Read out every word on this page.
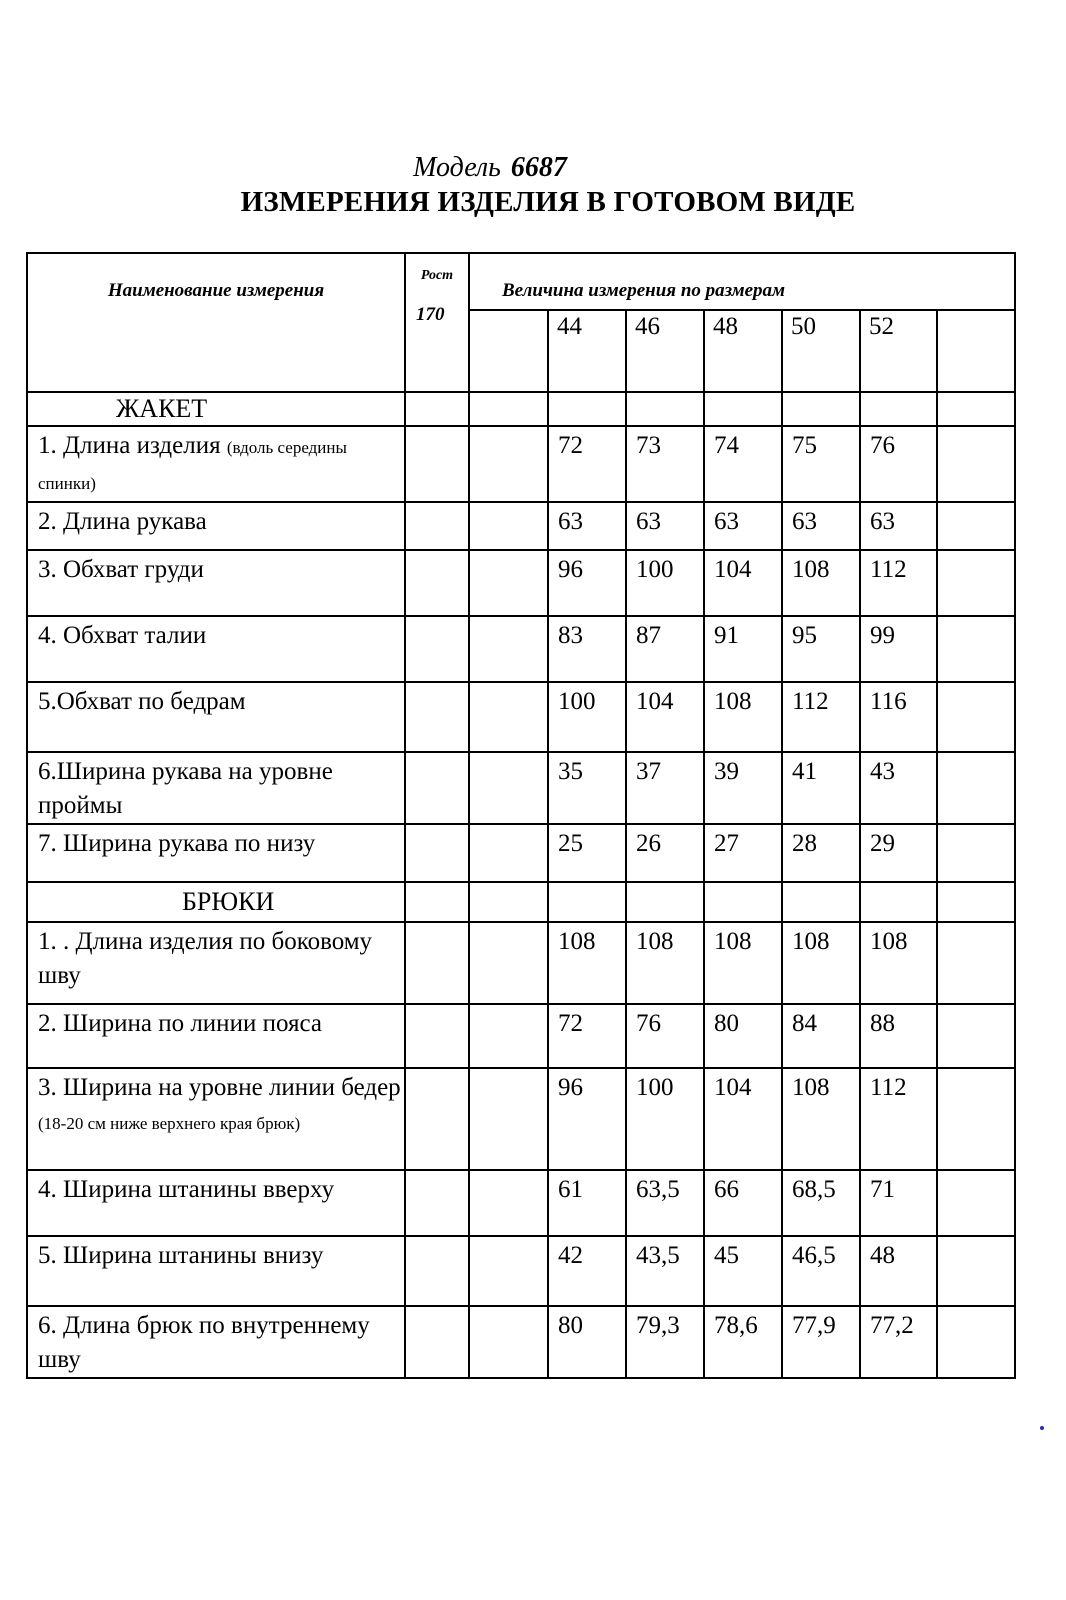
Модель 6687
ИЗМЕРЕНИЯ ИЗДЕЛИЯ В ГОТОВОМ ВИДЕ
Наименование измерения	Рост
170	Величина измерения по размерам						
			44	46	48	50	52	
ЖАКЕТ								
1. Длина изделия (вдоль середины спинки)			72	73	74	75	76	
2. Длина рукава			63	63	63	63	63	
3. Обхват груди			96	100	104	108	112	
4. Обхват талии			83	87	91	95	99	
5.Обхват по бедрам			100	104	108	112	116	
6.Ширина рукава на уровне проймы			35	37	39	41	43	
7. Ширина рукава по низу			25	26	27	28	29	
БРЮКИ								
1. . Длина изделия по боковому шву			108	108	108	108	108	
2. Ширина по линии пояса			72	76	80	84	88	
3. Ширина на уровне линии бедер (18-20 см ниже верхнего края брюк)			96	100	104	108	112	
4. Ширина штанины вверху			61	63,5	66	68,5	71	
5. Ширина штанины внизу			42	43,5	45	46,5	48	
6. Длина брюк по внутреннему шву			80	79,3	78,6	77,9	77,2	
